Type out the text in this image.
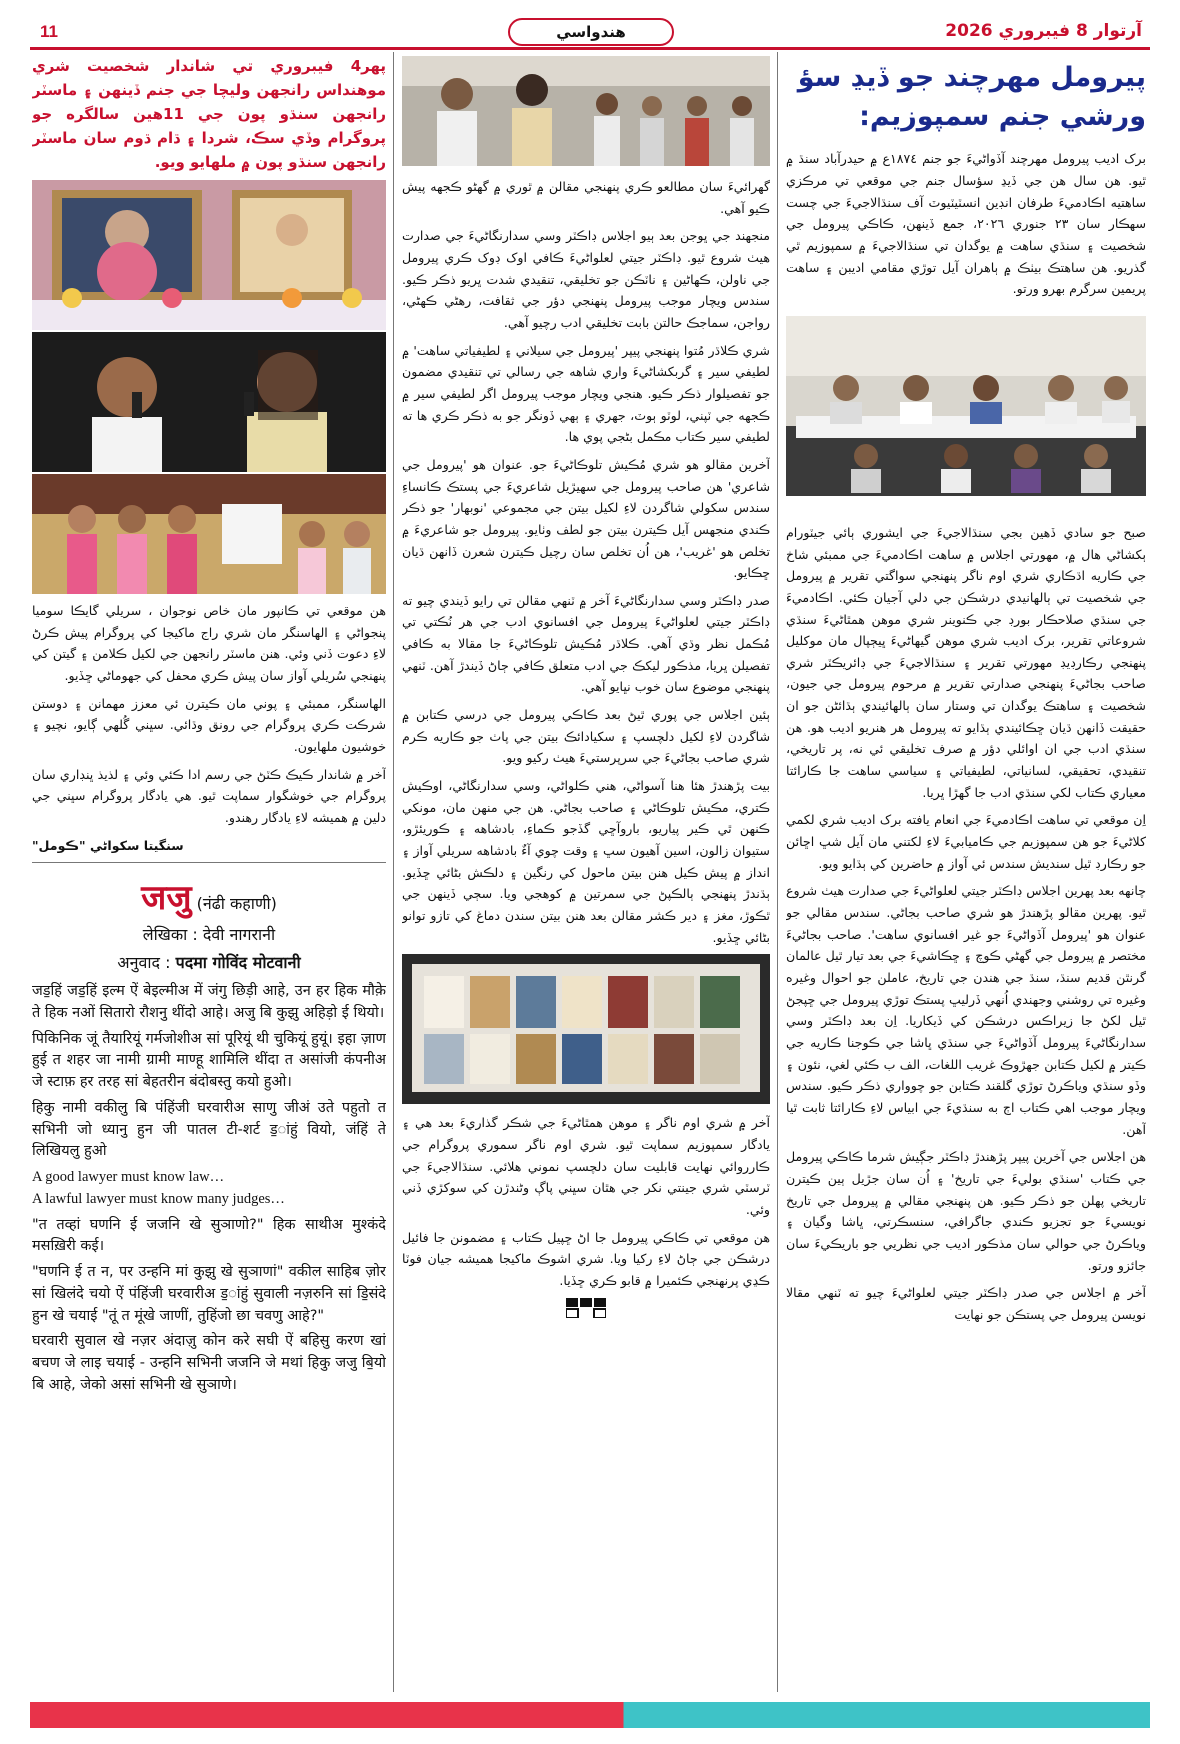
11	هندواسي	آرتوار 8 فيبروري 2026
پيرومل مهرچند جو ڏيڍ سؤ ورشي جنم سمپوزيم:

برک اديب پيرومل مهرچند آڏواڻيءَ جو جنم ١٨٧٤ع ۾ حيدرآباد سنڌ ۾ ٿيو. هن سال هن جي ڏيڍ سؤسال جنم جي موقعي تي مرڪزي ساهتيه اڪادميءَ طرفان انڊين انسٽيٽيوٽ آف سنڌالاجيءَ جي چست سهڪار سان ٢٣ جنوري ٢٠٢٦، جمع ڏينهن، ڪاڪي پيرومل جي شخصيت ۽ سنڌي ساهت ۾ يوگدان تي سنڌالاجيءَ ۾ سمپوزيم ٿي گذريو. هن ساهتڪ بيٺڪ ۾ ٻاهران آيل توڙي مقامي اديبن ۽ ساهت پريمين سرگرم بهرو ورتو.

صبح جو سادي ڏهين بجي سنڌالاجيءَ جي ايشوري ٻائي جيٽورام ٻکشاڻي هال ۾، مهورتي اجلاس ۾ ساهت اڪادميءَ جي ممبئي شاخ جي ڪاريه اڌڪاري شري اوم ناگر پنهنجي سواگتي تقرير ۾ پيرومل جي شخصيت تي ٻالهانيدي درشڪن جي دلي آجيان ڪئي. اڪادميءَ جي سنڌي صلاحڪار بورڊ جي ڪنوينر شري موهن همٿاڻيءَ سنڌي شروعاتي تقرير، برک اديب شري موهن گيهاڻيءَ ڀيڄپال مان موکليل پنهنجي رڪارڊيڊ مهورتي تقرير ۽ سنڌالاجيءَ جي ڊائريڪٽر شري صاحب بجاڻيءَ پنهنجي صدارتي تقرير ۾ مرحوم پيرومل جي جيون، شخصيت ۽ ساهتڪ يوگدان تي وستار سان ٻالهائيندي ٻڌائڻن جو ان حقيقت ڏانهن ڌيان ڇڪائيندي ٻڌايو ته پيرومل هر هنريو اديب هو. هن سنڌي ادب جي ان اوائلي دؤر ۾ صرف تخليقي ئي نه، پر تاريخي، تنقيدي، تحقيقي، لسانياتي، لطيفياتي ۽ سياسي ساهت جا ڪارائتا معياري ڪتاب لکي سنڌي ادب جا گهڙا ڀريا.

اِن موقعي تي ساهت اڪادميءَ جي انعام يافته برک اديب شري لکمي کلاڻيءَ جو هن سمپوزيم جي ڪاميابيءَ لاءِ لکتني مان آيل شڀ اڇائن جو رڪارڊ ٿيل سنديش سندس ئي آواز ۾ حاضرين کي ٻڌايو ويو.

چانهه بعد پهرين اجلاس ڊاڪٽر جيتي لعلواڻيءَ جي صدارت هيٺ شروع ٿيو. پهرين مقالو پڙهندڙ هو شري صاحب بجاڻي. سندس مقالي جو عنوان هو 'پيرومل آڏواڻيءَ جو غير افسانوي ساهت'. صاحب بجاڻيءَ مختصر ۾ پيرومل جي گهڻي ڪوچ ۽ ڇڪاشيءَ جي بعد تيار ٿيل عالمان گرنٿن قديم سنڌ، سنڌ جي هندن جي تاريخ، عاملن جو احوال وغيره وغيره تي روشني وجهندي اُنهي ڏرليڀ پستڪ توڙي پيرومل جي ڇپجڻ ٿيل لکڻ جا زيراڪس درشڪن کي ڏيکاريا. اِن بعد ڊاڪٽر وسي سدارنگاڻيءَ پيرومل آڏواڻيءَ جي سنڌي ڀاشا جي ڪوجنا ڪاريه جي ڪيتر ۾ لکيل ڪتابن جهڙوڪ غريب اللغات، الف ب ڪئي لغي، نئون ۽ وڏو سنڌي وياڪرڻ توڙي گلقند ڪتابن جو چوواري ذڪر ڪيو. سندس ويچار موجب اهي ڪتاب اڄ به سنڌيءَ جي ابياس لاءِ ڪارائتا ثابت ٿيا آهن.

هن اجلاس جي آخرين پيپر پڙهندڙ ڊاڪٽر جڳيش شرما ڪاڪي پيرومل جي ڪتاب 'سنڌي بوليءَ جي تاريخ' ۽ اُن سان جڙيل ٻين ڪيترن تاريخي پهلن جو ذڪر ڪيو. هن پنهنجي مقالي ۾ پيرومل جي تاريخ نويسيءَ جو تجزيو ڪندي جاگرافي، سنسڪرتي، ڀاشا وگيان ۽ وياڪرڻ جي حوالي سان مذڪور اديب جي نظريي جو باريڪيءَ سان جائزو ورتو.

آخر ۾ اجلاس جي صدر ڊاڪٽر جيتي لعلواڻيءَ چيو ته ٽنهي مقالا نويسن پيرومل جي پستڪن جو نهايت

گهرائيءَ سان مطالعو ڪري پنهنجي مقالن ۾ ٿوري ۾ گهڻو ڪجهه پيش ڪيو آهي.

منجهند جي ڀوجن بعد ٻيو اجلاس ڊاڪٽر وسي سدارنگاڻيءَ جي صدارت هيٺ شروع ٿيو. ڊاڪٽر جيتي لعلواڻيءَ ڪافي اوک ڊوک ڪري پيرومل جي ناولن، ڪهاڻين ۽ ناٽڪن جو تخليقي، تنقيدي شدت ڀريو ذڪر ڪيو. سندس ويچار موجب پيرومل پنهنجي دؤر جي ثقافت، رهڻي ڪهڻي، رواجن، سماجڪ حالتن بابت تخليقي ادب رچيو آهي.

شري ڪلاڌر مُتوا پنهنجي پيپر 'پيرومل جي سيلاني ۽ لطيفياتي ساهت' ۾ لطيفي سير ۽ گربکشاڻيءَ واري شاهه جي رسالي تي تنقيدي مضمون جو تفصيلوار ذڪر ڪيو. هنجي ويچار موجب پيرومل اگر لطيفي سير ۾ ڪجهه جي ٽپني، لوٽو ٻوٽ، جهري ۽ ٻهي ڏونگر جو به ذڪر ڪري ها ته لطيفي سير ڪتاب مڪمل بڻجي پوي ها.

آخرين مقالو هو شري مُڪيش تلوڪاڻيءَ جو. عنوان هو 'پيرومل جي شاعري' هن صاحب پيرومل جي سهيڙيل شاعريءَ جي پستڪ ڪانساءِ سندس سکولي شاگردن لاءِ لکيل بيتن جي مجموعي 'نوبهار' جو ذڪر ڪندي منجهس آيل ڪيترن بيتن جو لطف وٺايو. پيرومل جو شاعريءَ ۾ تخلص هو 'غريب'، هن اُن تخلص سان رچيل ڪيترن شعرن ڏانهن ڌيان ڇڪايو.

صدر ڊاڪٽر وسي سدارنگاڻيءَ آخر ۾ ٽنهي مقالن تي رايو ڏيندي چيو ته ڊاڪٽر جيتي لعلواڻيءَ پيرومل جي افسانوي ادب جي هر نُڪتي تي مُڪمل نظر وڌي آهي. ڪلاڌر مُڪيش تلوڪاڻيءَ جا مقالا به ڪافي تفصيلن ڀريا، مذڪور ليکڪ جي ادب متعلق ڪافي ڄاڻ ڏيندڙ آهن. ٽنهي پنهنجي موضوع سان خوب نڀايو آهي.

ٻئين اجلاس جي پوري ٿيڻ بعد ڪاڪي پيرومل جي درسي ڪتابن ۾ شاگردن لاءِ لکيل دلچسپ ۽ سکيادائڪ بيتن جي پاٺ جو ڪاريه ڪرم شري صاحب بجاڻيءَ جي سرپرستيءَ هيٺ رکيو ويو.

بيت پڙهندڙ هئا هنا آسواڻي، هني ڪلواڻي، وسي سدارنگاڻي، اوڪيش ڪتري، مڪيش تلوڪاڻي ۽ صاحب بجاڻي. هن جي منهن مان، مونکي ڪنهن ٿي ڪير پياريو، باروآڇي گڏجو ڪماءِ، بادشاهه ۽ ڪوريئڙو، ستيوان زالون، اسين آهيون سڀ ۽ وقت چوي آءٌ بادشاهه سريلي آواز ۽ انداز ۾ پيش ڪيل هنن بيتن ماحول کي رنگين ۽ دلڪش بڻائي ڇڏيو. ٻڌندڙ پنهنجي ٻالڪپڻ جي سمرتين ۾ کوهجي ويا. سڄي ڏينهن جي ٿڪوڙ، مغز ۽ دير ڪشر مقالن بعد هنن بيتن سندن دماغ کي تازو توانو بڻائي ڇڏيو.

آخر ۾ شري اوم ناگر ۽ موهن همٿاڻيءَ جي شڪر گذاريءَ بعد هي ۽ يادگار سمپوزيم سماپت ٿيو. شري اوم ناگر سموري پروگرام جي ڪارروائي نهايت قابليت سان دلچسپ نموني هلائي. سنڌالاجيءَ جي ٽرسٽي شري جينتي نکر جي هٿان سڀني پاڳ وڻندڙن کي سوکڙي ڏني وئي.

هن موقعي تي ڪاڪي پيرومل جا اڻ ڇپيل ڪتاب ۽ مضمونن جا فائيل درشڪن جي ڄاڻ لاءِ رکيا ويا. شري اشوڪ ماکيجا هميشه جيان فوٽا ڪڍي پرنهنجي ڪئميرا ۾ قابو ڪري ڇڏيا.

پهر4 فيبروري تي شاندار شخصيت شري موهنداس رانجهن وليچا جي جنم ڏينهن ۽ ماسٽر رانجهن سنڌو پون جي 11هين سالگره جو پروگرام وڏي سڪ، شردا ۽ ڌام ڌوم سان ماسٽر رانجهن سنڌو پون ۾ ملهايو ويو.

هن موقعي تي ڪانپور مان خاص نوجوان ، سريلي گايڪا سوميا پنجواڻي ۽ الهاسنگر مان شري راج ماکيجا کي پروگرام پيش ڪرڻ لاءِ دعوت ڏني وئي. هنن ماسٽر رانجهن جي لکيل ڪلامن ۽ گيتن کي پنهنجي سُريلي آواز سان پيش ڪري محفل کي جهوماڻي ڇڏيو.

الهاسنگر، ممبئي ۽ پوني مان ڪيترن ئي معزز مهمانن ۽ دوستن شرڪت ڪري پروگرام جي رونق وڌائي. سڀني گُلهي ڳايو، نچيو ۽ خوشيون ملهايون.

آخر ۾ شاندار ڪيڪ ڪٽڻ جي رسم ادا ڪئي وئي ۽ لذيذ ڀنڊاري سان پروگرام جي خوشگوار سماپت ٿيو. هي يادگار پروگرام سڀني جي دلين ۾ هميشه لاءِ يادگار رهندو.

سنگيتا سکواڻي "ڪومل"

जजु (नंढी कहाणी)
लेखिका : देवी नागरानी
अनुवाद : पदमा गोविंद मोटवानी

जड॒हिं जड॒हिं इल्म ऐं बेइल्मीअ में जंगु छिड़ी आहे, उन हर हिक मौक़े ते हिक नओं सितारो रौशनु थींदो आहे। अजु बि कुझु अहिड़ो ई थियो।

पिकिनिक जूं तैयारियूं गर्मजोशीअ सां पूरियूं थी चुकियूं हुयूं। इहा ज़ाण हुई त शहर जा नामी ग्रामी माण्हू शामिलि थींदा त असांजी कंपनीअ जे स्टाफ़ हर तरह सां बेहतरीन बंदोबस्तु कयो हुओ।

हिकु नामी वकीलु बि पंहिंजी घरवारीअ साणु जीअं उते पहुतो त सभिनी जो ध्यानु हुन जी पातल टी-शर्ट ड॒ांहुं वियो, जंहिं ते लिखियलु हुओ

A good lawyer must know law…

A lawful lawyer must know many judges…

"त तव्हां घणनि ई जजनि खे सुञाणो?" हिक साथीअ मुश्कंदे मसख़िरी कई।

"घणनि ई त न, पर उन्हनि मां कुझु खे सुञाणां" वकील साहिब ज़ोर सां खिलंदे चयो ऐं पंहिंजी घरवारीअ ड॒ांहुं सुवाली नज़रुनि सां डि॒संदे हुन खे चयाई "तूं त मूंखे जाणीं, तुहिंजो छा चवणु आहे?"

घरवारी सुवाल खे नज़र अंदाज़ु कोन करे सघी ऐं बहिसु करण खां बचण जे लाइ चयाई - उन्हनि सभिनी जजनि जे मथां हिकु जजु बि॒यो बि आहे, जेको असां सभिनी खे सुञाणे।
